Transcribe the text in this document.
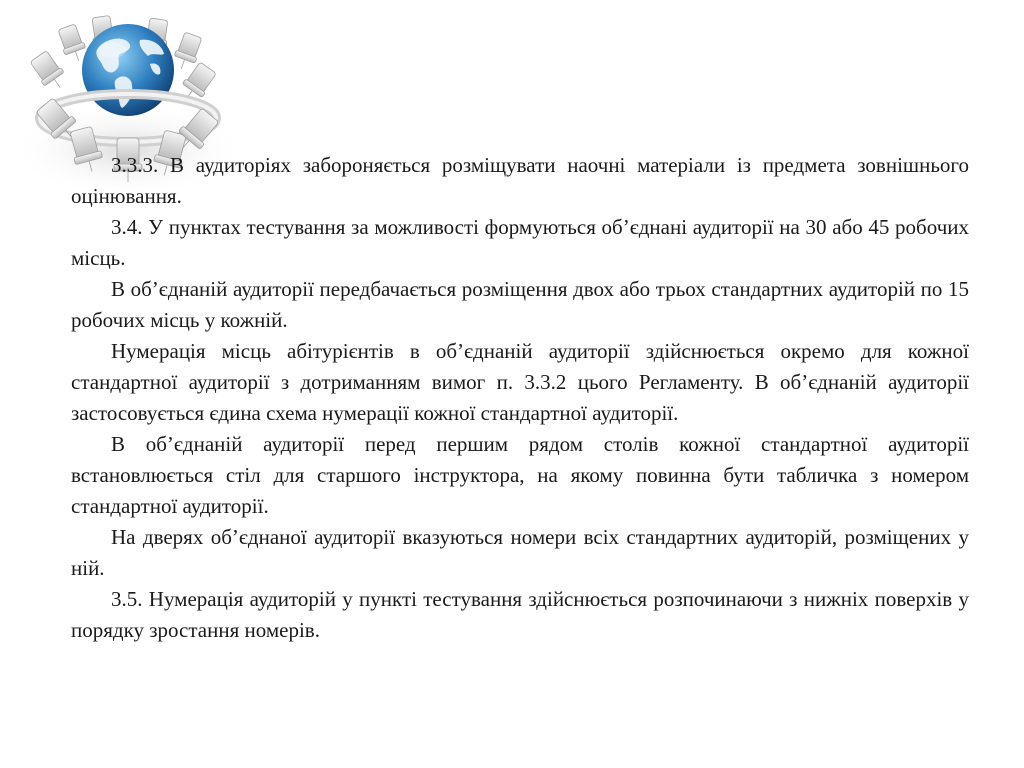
3.3.3. В аудиторіях забороняється розміщувати наочні матеріали із предмета зовнішнього оцінювання.

3.4. У пунктах тестування за можливості формуються об’єднані аудиторії на 30 або 45 робочих місць.

В об’єднаній аудиторії передбачається розміщення двох або трьох стандартних аудиторій по 15 робочих місць у кожній.

Нумерація місць абітурієнтів в об’єднаній аудиторії здійснюється окремо для кожної стандартної аудиторії з дотриманням вимог п. 3.3.2 цього Регламенту. В об’єднаній аудиторії застосовується єдина схема нумерації кожної стандартної аудиторії.

В об’єднаній аудиторії перед першим рядом столів кожної стандартної аудиторії встановлюється стіл для старшого інструктора, на якому повинна бути табличка з номером стандартної аудиторії.

На дверях об’єднаної аудиторії вказуються номери всіх стандартних аудиторій, розміщених у ній.

3.5. Нумерація аудиторій у пункті тестування здійснюється розпочинаючи з нижніх поверхів у порядку зростання номерів.
